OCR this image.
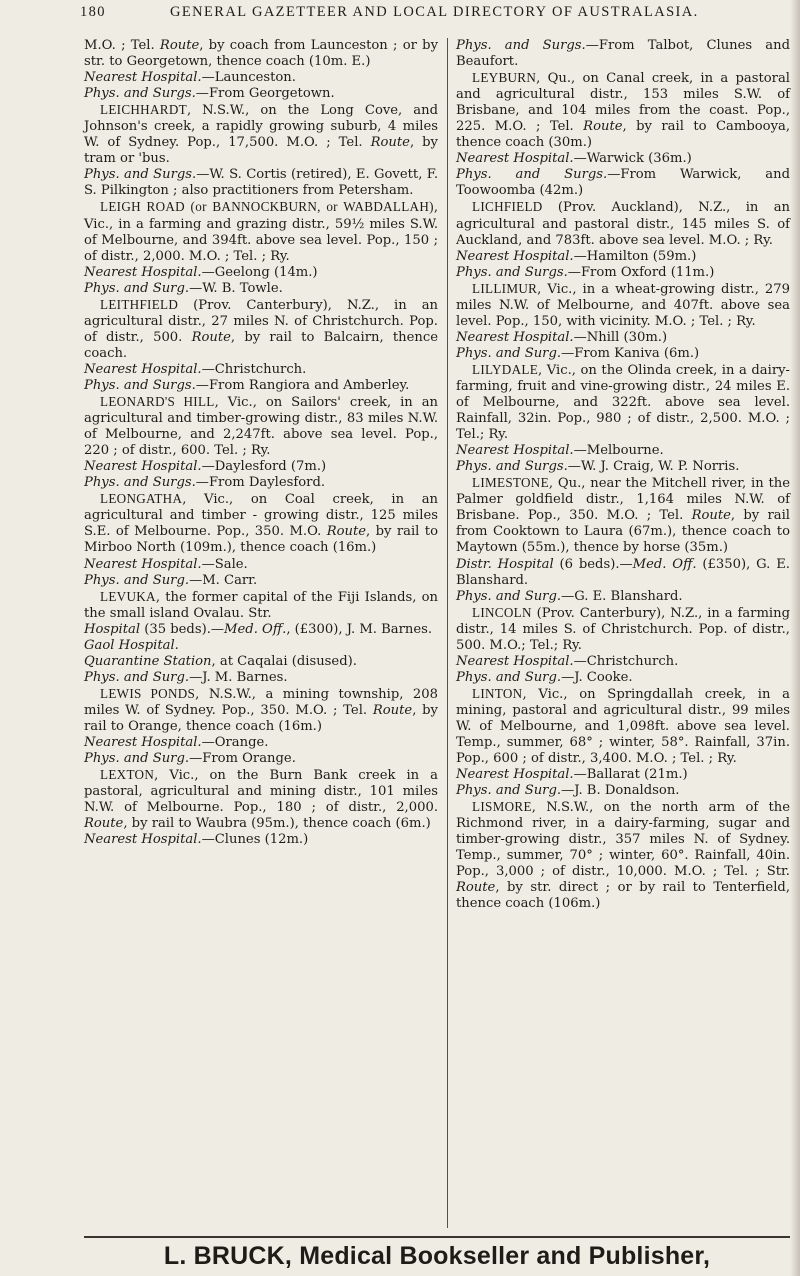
180	GENERAL GAZETTEER AND LOCAL DIRECTORY OF AUSTRALASIA.

M.O. ; Tel. Route, by coach from Launceston ; or by str. to Georgetown, thence coach (10m. E.)

Nearest Hospital.—Launceston.

Phys. and Surgs.—From Georgetown.

LEICHHARDT, N.S.W., on the Long Cove, and Johnson's creek, a rapidly growing suburb, 4 miles W. of Sydney. Pop., 17,500. M.O. ; Tel. Route, by tram or 'bus.

Phys. and Surgs.—W. S. Cortis (retired), E. Govett, F. S. Pilkington ; also practitioners from Petersham.

LEIGH ROAD (or BANNOCKBURN, or WABDALLAH), Vic., in a farming and grazing distr., 59½ miles S.W. of Melbourne, and 394ft. above sea level. Pop., 150 ; of distr., 2,000. M.O. ; Tel. ; Ry.

Nearest Hospital.—Geelong (14m.)

Phys. and Surg.—W. B. Towle.

LEITHFIELD (Prov. Canterbury), N.Z., in an agricultural distr., 27 miles N. of Christchurch. Pop. of distr., 500. Route, by rail to Balcairn, thence coach.

Nearest Hospital.—Christchurch.

Phys. and Surgs.—From Rangiora and Amberley.

LEONARD'S HILL, Vic., on Sailors' creek, in an agricultural and timber-growing distr., 83 miles N.W. of Melbourne, and 2,247ft. above sea level. Pop., 220 ; of distr., 600. Tel. ; Ry.

Nearest Hospital.—Daylesford (7m.)

Phys. and Surgs.—From Daylesford.

LEONGATHA, Vic., on Coal creek, in an agricultural and timber - growing distr., 125 miles S.E. of Melbourne. Pop., 350. M.O. Route, by rail to Mirboo North (109m.), thence coach (16m.)

Nearest Hospital.—Sale.

Phys. and Surg.—M. Carr.

LEVUKA, the former capital of the Fiji Islands, on the small island Ovalau. Str.

Hospital (35 beds).—Med. Off., (£300), J. M. Barnes.

Gaol Hospital.

Quarantine Station, at Caqalai (disused).

Phys. and Surg.—J. M. Barnes.

LEWIS PONDS, N.S.W., a mining township, 208 miles W. of Sydney. Pop., 350. M.O. ; Tel. Route, by rail to Orange, thence coach (16m.)

Nearest Hospital.—Orange.

Phys. and Surg.—From Orange.

LEXTON, Vic., on the Burn Bank creek in a pastoral, agricultural and mining distr., 101 miles N.W. of Melbourne. Pop., 180 ; of distr., 2,000. Route, by rail to Waubra (95m.), thence coach (6m.)

Nearest Hospital.—Clunes (12m.)

Phys. and Surgs.—From Talbot, Clunes and Beaufort.

LEYBURN, Qu., on Canal creek, in a pastoral and agricultural distr., 153 miles S.W. of Brisbane, and 104 miles from the coast. Pop., 225. M.O. ; Tel. Route, by rail to Cambooya, thence coach (30m.)

Nearest Hospital.—Warwick (36m.)

Phys. and Surgs.—From Warwick, and Toowoomba (42m.)

LICHFIELD (Prov. Auckland), N.Z., in an agricultural and pastoral distr., 145 miles S. of Auckland, and 783ft. above sea level. M.O. ; Ry.

Nearest Hospital.—Hamilton (59m.)

Phys. and Surgs.—From Oxford (11m.)

LILLIMUR, Vic., in a wheat-growing distr., 279 miles N.W. of Melbourne, and 407ft. above sea level. Pop., 150, with vicinity. M.O. ; Tel. ; Ry.

Nearest Hospital.—Nhill (30m.)

Phys. and Surg.—From Kaniva (6m.)

LILYDALE, Vic., on the Olinda creek, in a dairy-farming, fruit and vine-growing distr., 24 miles E. of Melbourne, and 322ft. above sea level. Rainfall, 32in. Pop., 980 ; of distr., 2,500. M.O. ; Tel.; Ry.

Nearest Hospital.—Melbourne.

Phys. and Surgs.—W. J. Craig, W. P. Norris.

LIMESTONE, Qu., near the Mitchell river, in the Palmer goldfield distr., 1,164 miles N.W. of Brisbane. Pop., 350. M.O. ; Tel. Route, by rail from Cooktown to Laura (67m.), thence coach to Maytown (55m.), thence by horse (35m.)

Distr. Hospital (6 beds).—Med. Off. (£350), G. E. Blanshard.

Phys. and Surg.—G. E. Blanshard.

LINCOLN (Prov. Canterbury), N.Z., in a farming distr., 14 miles S. of Christchurch. Pop. of distr., 500. M.O.; Tel.; Ry.

Nearest Hospital.—Christchurch.

Phys. and Surg.—J. Cooke.

LINTON, Vic., on Springdallah creek, in a mining, pastoral and agricultural distr., 99 miles W. of Melbourne, and 1,098ft. above sea level. Temp., summer, 68° ; winter, 58°. Rainfall, 37in. Pop., 600 ; of distr., 3,400. M.O. ; Tel. ; Ry.

Nearest Hospital.—Ballarat (21m.)

Phys. and Surg.—J. B. Donaldson.

LISMORE, N.S.W., on the north arm of the Richmond river, in a dairy-farming, sugar and timber-growing distr., 357 miles N. of Sydney. Temp., summer, 70° ; winter, 60°. Rainfall, 40in. Pop., 3,000 ; of distr., 10,000. M.O. ; Tel. ; Str. Route, by str. direct ; or by rail to Tenterfield, thence coach (106m.)

L. BRUCK, Medical Bookseller and Publisher,
